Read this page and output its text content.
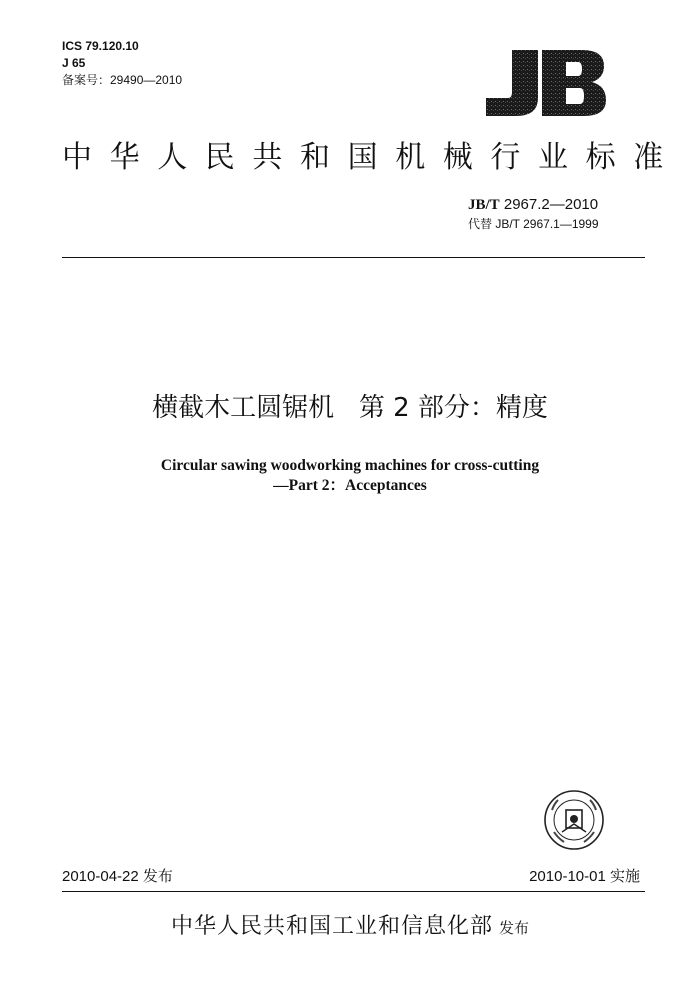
ICS 79.120.10
J 65
备案号：29490—2010
中华人民共和国机械行业标准
JB/T 2967.2—2010
代替 JB/T 2967.1—1999
横截木工圆锯机   第 2 部分：精度
Circular sawing woodworking machines for cross-cutting
—Part 2：Acceptances
2010-04-22 发布	2010-10-01 实施
中华人民共和国工业和信息化部 发布
